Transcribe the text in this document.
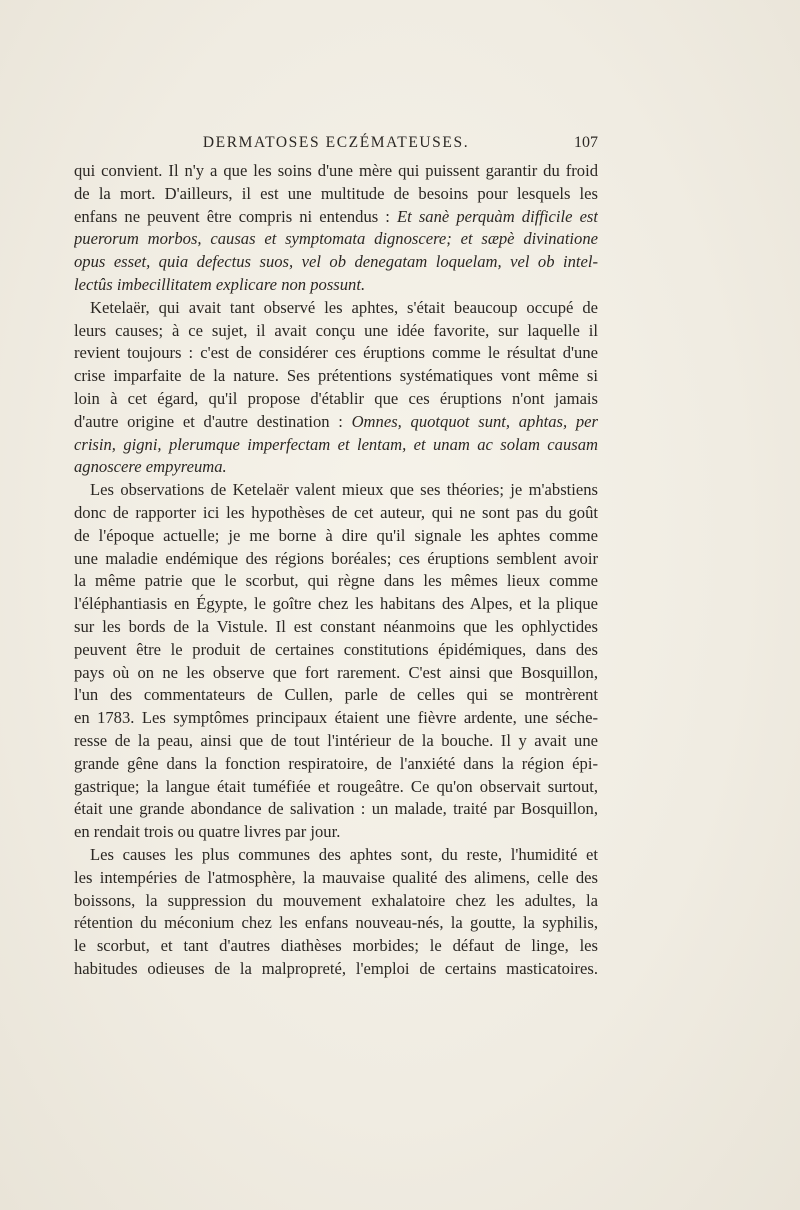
DERMATOSES ECZÉMATEUSES.	107
qui convient. Il n'y a que les soins d'une mère qui puissent garantir du froid
de la mort. D'ailleurs, il est une multitude de besoins pour lesquels les
enfans ne peuvent être compris ni entendus : Et sanè perquàm difficile est
puerorum morbos, causas et symptomata dignoscere; et sæpè divinatione
opus esset, quia defectus suos, vel ob denegatam loquelam, vel ob intel-
lectûs imbecillitatem explicare non possunt.
Ketelaër, qui avait tant observé les aphtes, s'était beaucoup occupé de
leurs causes; à ce sujet, il avait conçu une idée favorite, sur laquelle il
revient toujours : c'est de considérer ces éruptions comme le résultat d'une
crise imparfaite de la nature. Ses prétentions systématiques vont même si
loin à cet égard, qu'il propose d'établir que ces éruptions n'ont jamais
d'autre origine et d'autre destination : Omnes, quotquot sunt, aphtas, per
crisin, gigni, plerumque imperfectam et lentam, et unam ac solam causam
agnoscere empyreuma.
Les observations de Ketelaër valent mieux que ses théories; je m'abstiens
donc de rapporter ici les hypothèses de cet auteur, qui ne sont pas du goût
de l'époque actuelle; je me borne à dire qu'il signale les aphtes comme
une maladie endémique des régions boréales; ces éruptions semblent avoir
la même patrie que le scorbut, qui règne dans les mêmes lieux comme
l'éléphantiasis en Égypte, le goître chez les habitans des Alpes, et la plique
sur les bords de la Vistule. Il est constant néanmoins que les ophlyctides
peuvent être le produit de certaines constitutions épidémiques, dans des
pays où on ne les observe que fort rarement. C'est ainsi que Bosquillon,
l'un des commentateurs de Cullen, parle de celles qui se montrèrent
en 1783. Les symptômes principaux étaient une fièvre ardente, une séche-
resse de la peau, ainsi que de tout l'intérieur de la bouche. Il y avait une
grande gêne dans la fonction respiratoire, de l'anxiété dans la région épi-
gastrique; la langue était tuméfiée et rougeâtre. Ce qu'on observait surtout,
était une grande abondance de salivation : un malade, traité par Bosquillon,
en rendait trois ou quatre livres par jour.
Les causes les plus communes des aphtes sont, du reste, l'humidité et
les intempéries de l'atmosphère, la mauvaise qualité des alimens, celle des
boissons, la suppression du mouvement exhalatoire chez les adultes, la
rétention du méconium chez les enfans nouveau-nés, la goutte, la syphilis,
le scorbut, et tant d'autres diathèses morbides; le défaut de linge, les
habitudes odieuses de la malpropreté, l'emploi de certains masticatoires.
